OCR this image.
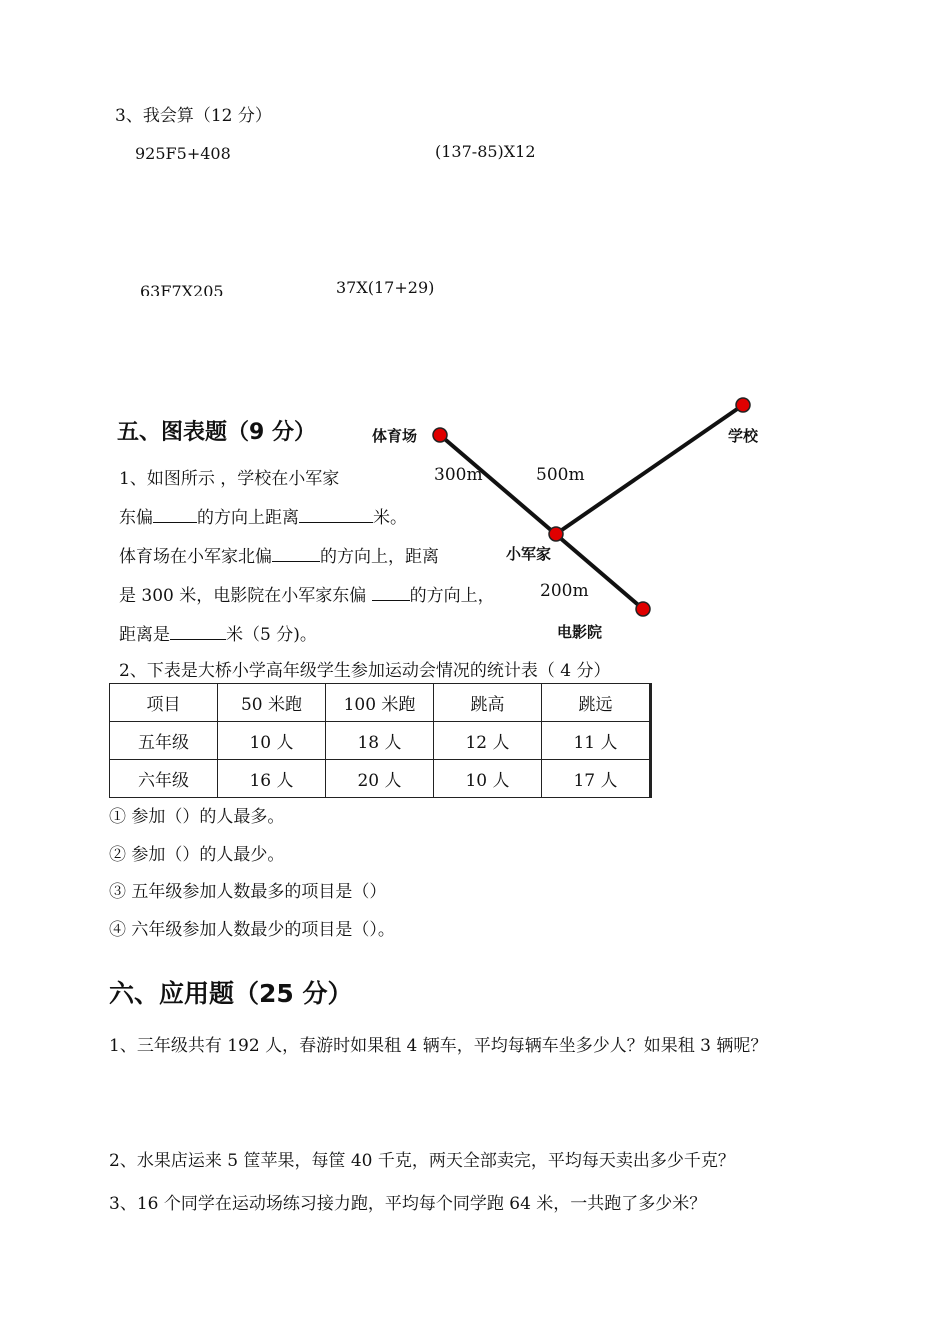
3、我会算（12 分）
925F5+408	(137-85)Ⅹ12
63F7Ⅹ205	37Ⅹ(17+29)
五、图表题（9 分）	体育场	学校
小军家
电影院
300m	500m
200m
1、如图所示 ，学校在小军家
东偏	的方向上距离	米。
体育场在小军家北偏	的方向上，距离
是 300 米，电影院在小军家东偏 的方向上，
距离是	米（5 分)。
2、下表是大桥小学高年级学生参加运动会情况的统计表（ 4 分）
项目	50 米跑	100 米跑	跳高	跳远
五年级	10 人	18 人	12 人	11 人
六年级	16 人	20 人	10 人	17 人
① 参加（）的人最多。
② 参加（）的人最少。
③ 五年级参加人数最多的项目是（）
④ 六年级参加人数最少的项目是（）。
六、应用题（25 分）
1、三年级共有 192 人，春游时如果租 4 辆车，平均每辆车坐多少人？如果租 3 辆呢？
2、水果店运来 5 筐苹果，每筐 40 千克，两天全部卖完，平均每天卖出多少千克？
3、16 个同学在运动场练习接力跑，平均每个同学跑 64 米，一共跑了多少米？
